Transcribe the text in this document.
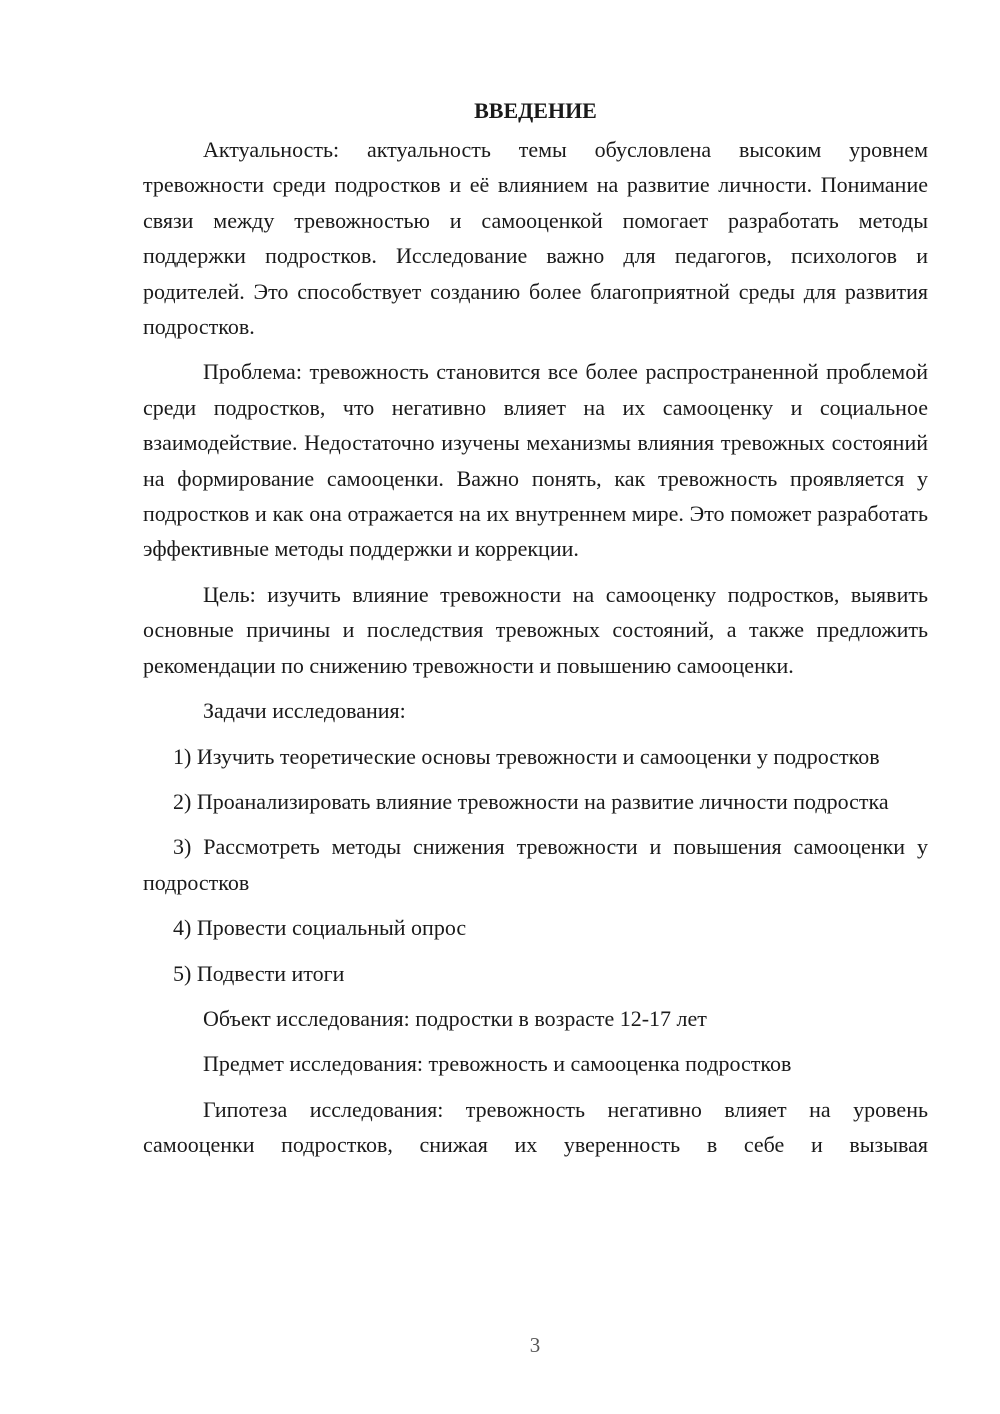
ВВЕДЕНИЕ

Актуальность: актуальность темы обусловлена высоким уровнем тревожности среди подростков и её влиянием на развитие личности. Понимание связи между тревожностью и самооценкой помогает разработать методы поддержки подростков. Исследование важно для педагогов, психологов и родителей. Это способствует созданию более благоприятной среды для развития подростков.

Проблема: тревожность становится все более распространенной проблемой среди подростков, что негативно влияет на их самооценку и социальное взаимодействие. Недостаточно изучены механизмы влияния тревожных состояний на формирование самооценки. Важно понять, как тревожность проявляется у подростков и как она отражается на их внутреннем мире. Это поможет разработать эффективные методы поддержки и коррекции.

Цель: изучить влияние тревожности на самооценку подростков, выявить основные причины и последствия тревожных состояний, а также предложить рекомендации по снижению тревожности и повышению самооценки.

Задачи исследования:

1) Изучить теоретические основы тревожности и самооценки у подростков

2) Проанализировать влияние тревожности на развитие личности подростка

3) Рассмотреть методы снижения тревожности и повышения самооценки у подростков

4) Провести социальный опрос

5) Подвести итоги

Объект исследования: подростки в возрасте 12-17 лет

Предмет исследования: тревожность и самооценка подростков

Гипотеза исследования: тревожность негативно влияет на уровень самооценки подростков, снижая их уверенность в себе и вызывая

3
